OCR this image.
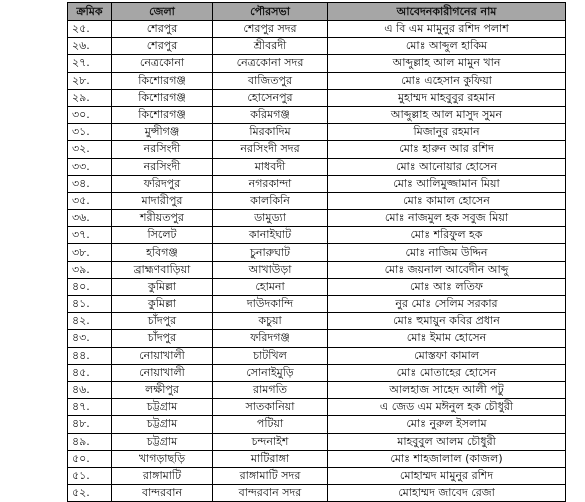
ক্রমিক	জেলা	পৌরসভা	আবেদনকারীগনের নাম
২৫.	শেরপুর	শেরপুর সদর	এ বি এম মামুনুর রশিদ পলাশ
২৬.	শেরপুর	শ্রীবরদী	মোঃ আব্দুল হাকিম
২৭.	নেত্রকোনা	নেত্রকোনা সদর	আব্দুল্লাহ আল মামুন খান
২৮.	কিশোরগঞ্জ	বাজিতপুর	মোঃ এহেসান কুফিয়া
২৯.	কিশোরগঞ্জ	হোসেনপুর	মুহাম্মদ মাহবুবুর রহমান
৩০.	কিশোরগঞ্জ	করিমগঞ্জ	আব্দুল্লাহ আল মাসুদ সুমন
৩১.	মুন্সীগঞ্জ	মিরকাদিম	মিজানুর রহমান
৩২.	নরসিংদী	নরসিংদী সদর	মোঃ হারুন আর রশিদ
৩৩.	নরসিংদী	মাধবদী	মোঃ আনোয়ার হোসেন
৩৪.	ফরিদপুর	নগরকান্দা	মোঃ আলিমুজ্জামান মিয়া
৩৫.	মাদারীপুর	কালকিনি	মোঃ কামাল হোসেন
৩৬.	শরীয়তপুর	ডামুড্যা	মোঃ নাজমুল হক সবুজ মিয়া
৩৭.	সিলেট	কানাইঘাট	মোঃ শরিফুল হক
৩৮.	হবিগঞ্জ	চুনারুঘাট	মোঃ নাজিম উদ্দিন
৩৯.	ব্রাহ্মণবাড়িয়া	আখাউড়া	মোঃ জয়নাল আবেদীন আব্দু
৪০.	কুমিল্লা	হোমনা	মোঃ আঃ লতিফ
৪১.	কুমিল্লা	দাউদকান্দি	নুর মোঃ সেলিম সরকার
৪২.	চাঁদপুর	কচুয়া	মোঃ হুমায়ুন কবির প্রধান
৪৩.	চাঁদপুর	ফরিদগঞ্জ	মোঃ ইমাম হোসেন
৪৪.	নোয়াখালী	চাটখিল	মোস্তফা কামাল
৪৫.	নোয়াখালী	সোনাইমুড়ি	মোঃ মোতাহের হোসেন
৪৬.	লক্ষীপুর	রামগতি	আলহাজ সাহেদ আলী পটু
৪৭.	চট্টগ্রাম	সাতকানিয়া	এ জেড এম মঈনুল হক চৌধুরী
৪৮.	চট্টগ্রাম	পটিয়া	মোঃ নুরুল ইসলাম
৪৯.	চট্টগ্রাম	চন্দনাইশ	মাহবুবুল আলম চৌধুরী
৫০.	খাগড়াছড়ি	মাটিরাঙ্গা	মোঃ শাহজালাল (কাজল)
৫১.	রাঙ্গামাটি	রাঙ্গামাটি সদর	মোহাম্মদ মামুনুর রশিদ
৫২.	বান্দরবান	বান্দরবান সদর	মোহাম্মদ জাবেদ রেজা
